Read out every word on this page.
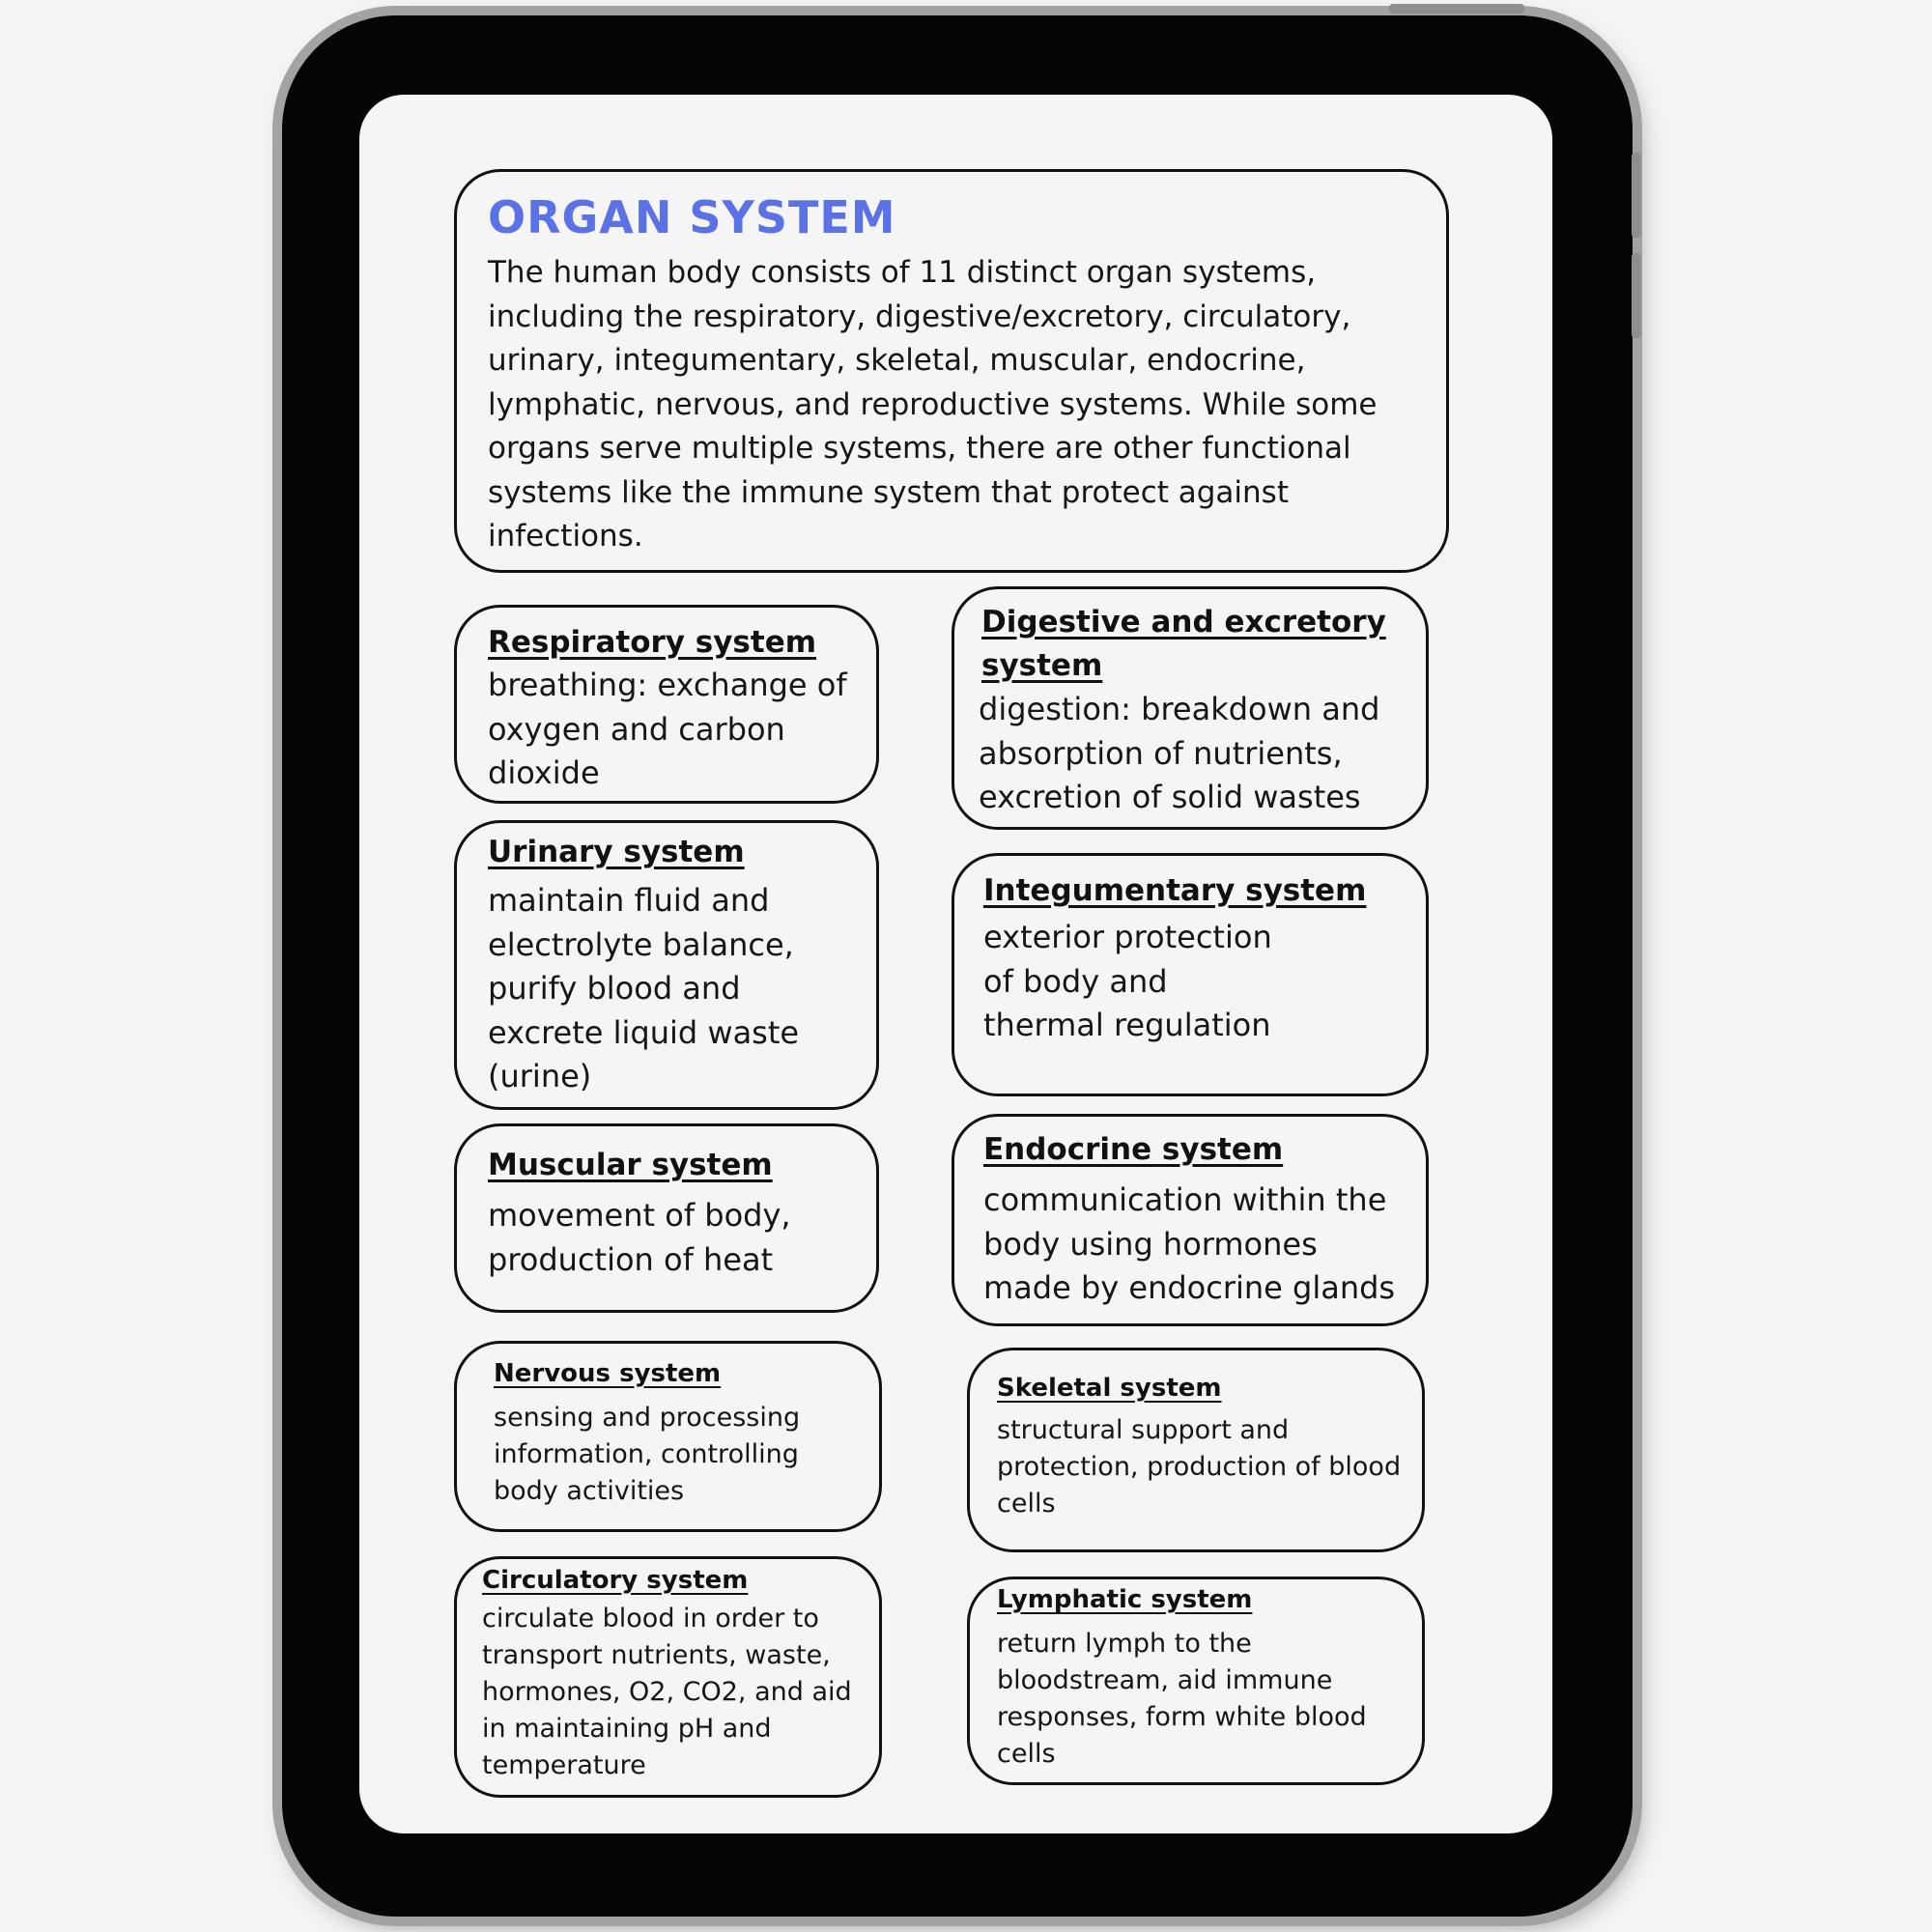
ORGAN SYSTEM

The human body consists of 11 distinct organ systems, including the respiratory, digestive/excretory, circulatory, urinary, integumentary, skeletal, muscular, endocrine, lymphatic, nervous, and reproductive systems. While some organs serve multiple systems, there are other functional systems like the immune system that protect against infections.

Respiratory system

breathing: exchange of oxygen and carbon dioxide

Digestive and excretory system

digestion: breakdown and absorption of nutrients, excretion of solid wastes

Urinary system

maintain fluid and electrolyte balance, purify blood and excrete liquid waste (urine)

Integumentary system

exterior protection of body and thermal regulation

Muscular system

movement of body, production of heat

Endocrine system

communication within the body using hormones made by endocrine glands

Nervous system

sensing and processing information, controlling body activities

Skeletal system

structural support and protection, production of blood cells

Circulatory system

circulate blood in order to transport nutrients, waste, hormones, O2, CO2, and aid in maintaining pH and temperature

Lymphatic system

return lymph to the bloodstream, aid immune responses, form white blood cells
